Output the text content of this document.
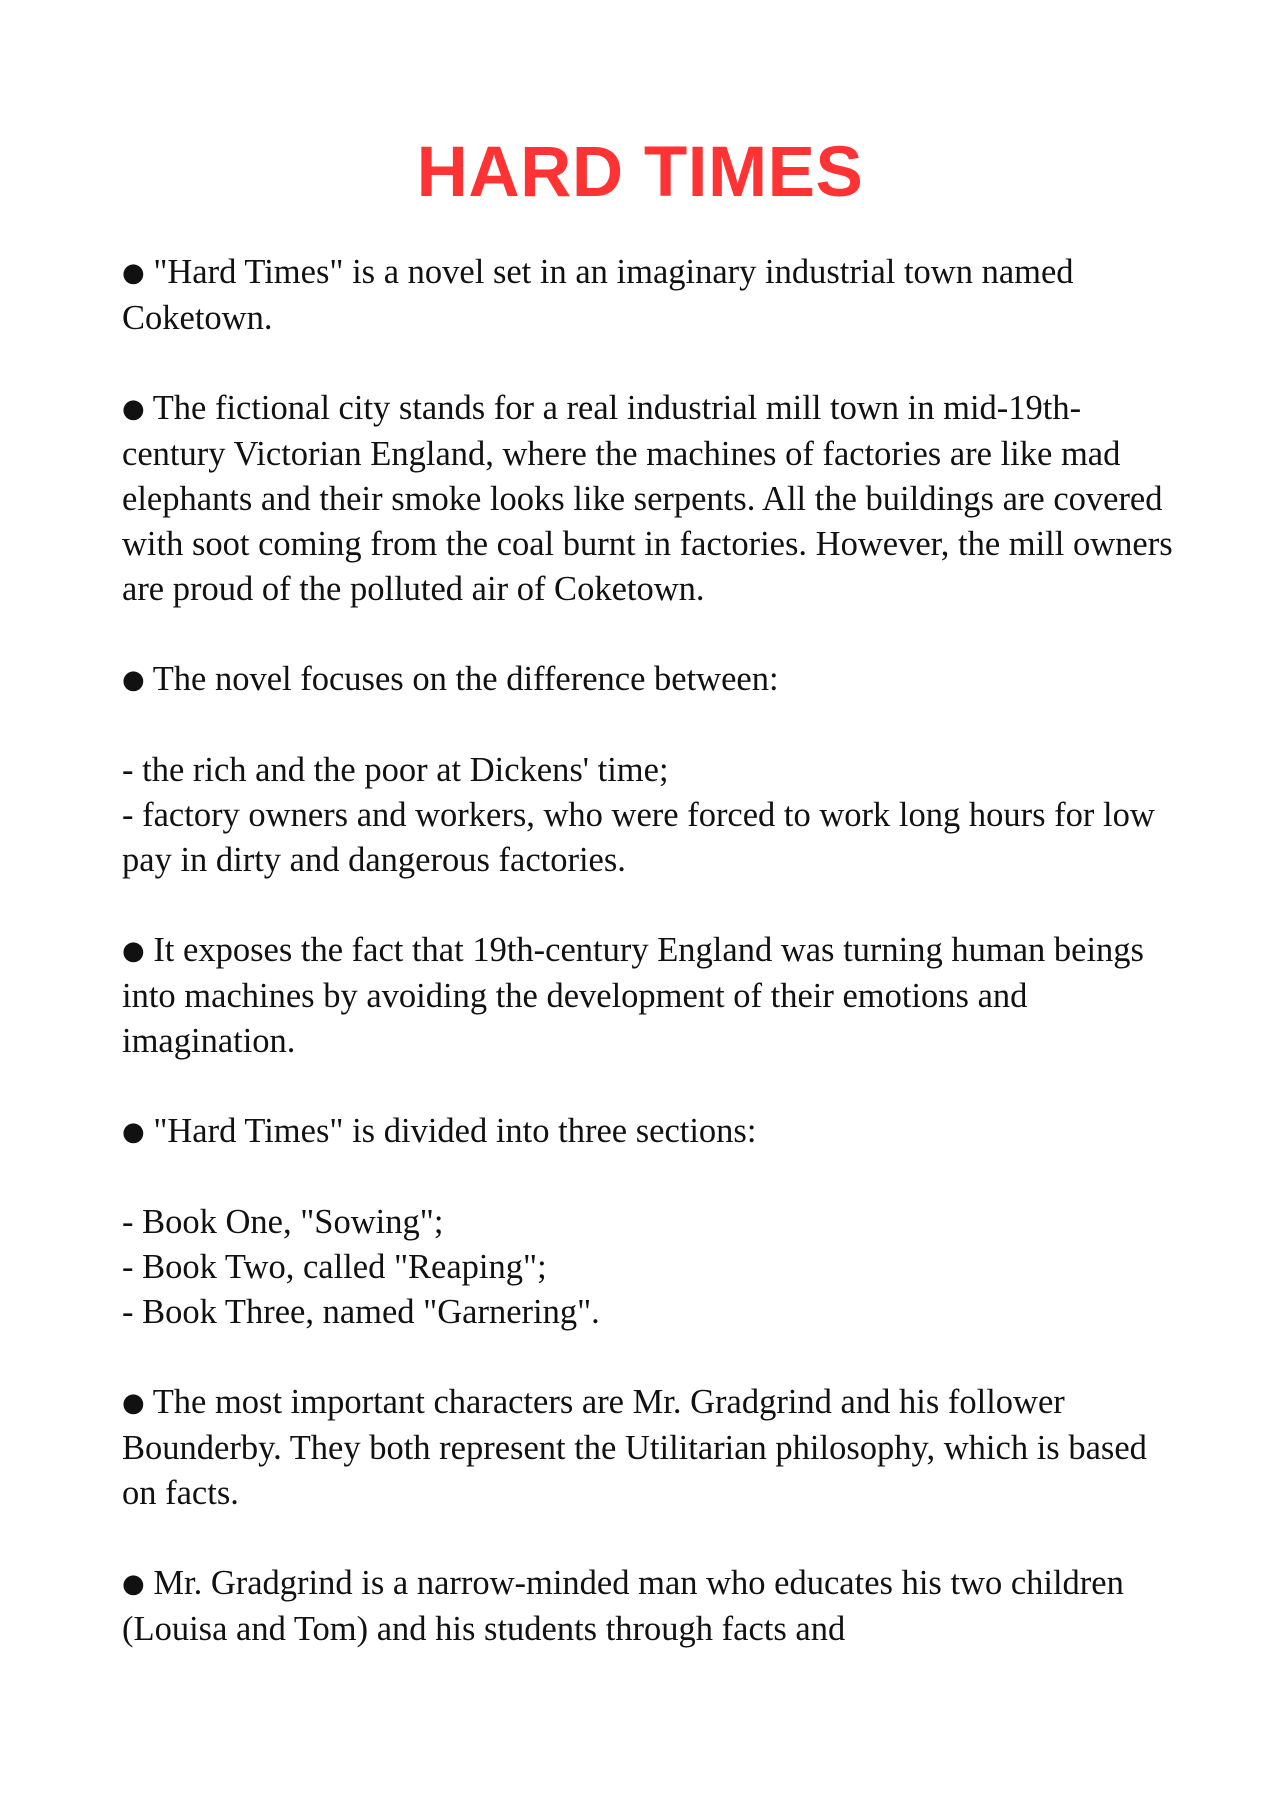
HARD TIMES

● "Hard Times" is a novel set in an imaginary industrial town named Coketown.

● The fictional city stands for a real industrial mill town in mid-19th-century Victorian England, where the machines of factories are like mad elephants and their smoke looks like serpents. All the buildings are covered with soot coming from the coal burnt in factories. However, the mill owners are proud of the polluted air of Coketown.

● The novel focuses on the difference between:

- the rich and the poor at Dickens' time;
- factory owners and workers, who were forced to work long hours for low pay in dirty and dangerous factories.

● It exposes the fact that 19th-century England was turning human beings into machines by avoiding the development of their emotions and imagination.

● "Hard Times" is divided into three sections:

- Book One, "Sowing";
- Book Two, called "Reaping";
- Book Three, named "Garnering".

● The most important characters are Mr. Gradgrind and his follower Bounderby. They both represent the Utilitarian philosophy, which is based on facts.

● Mr. Gradgrind is a narrow-minded man who educates his two children (Louisa and Tom) and his students through facts and
